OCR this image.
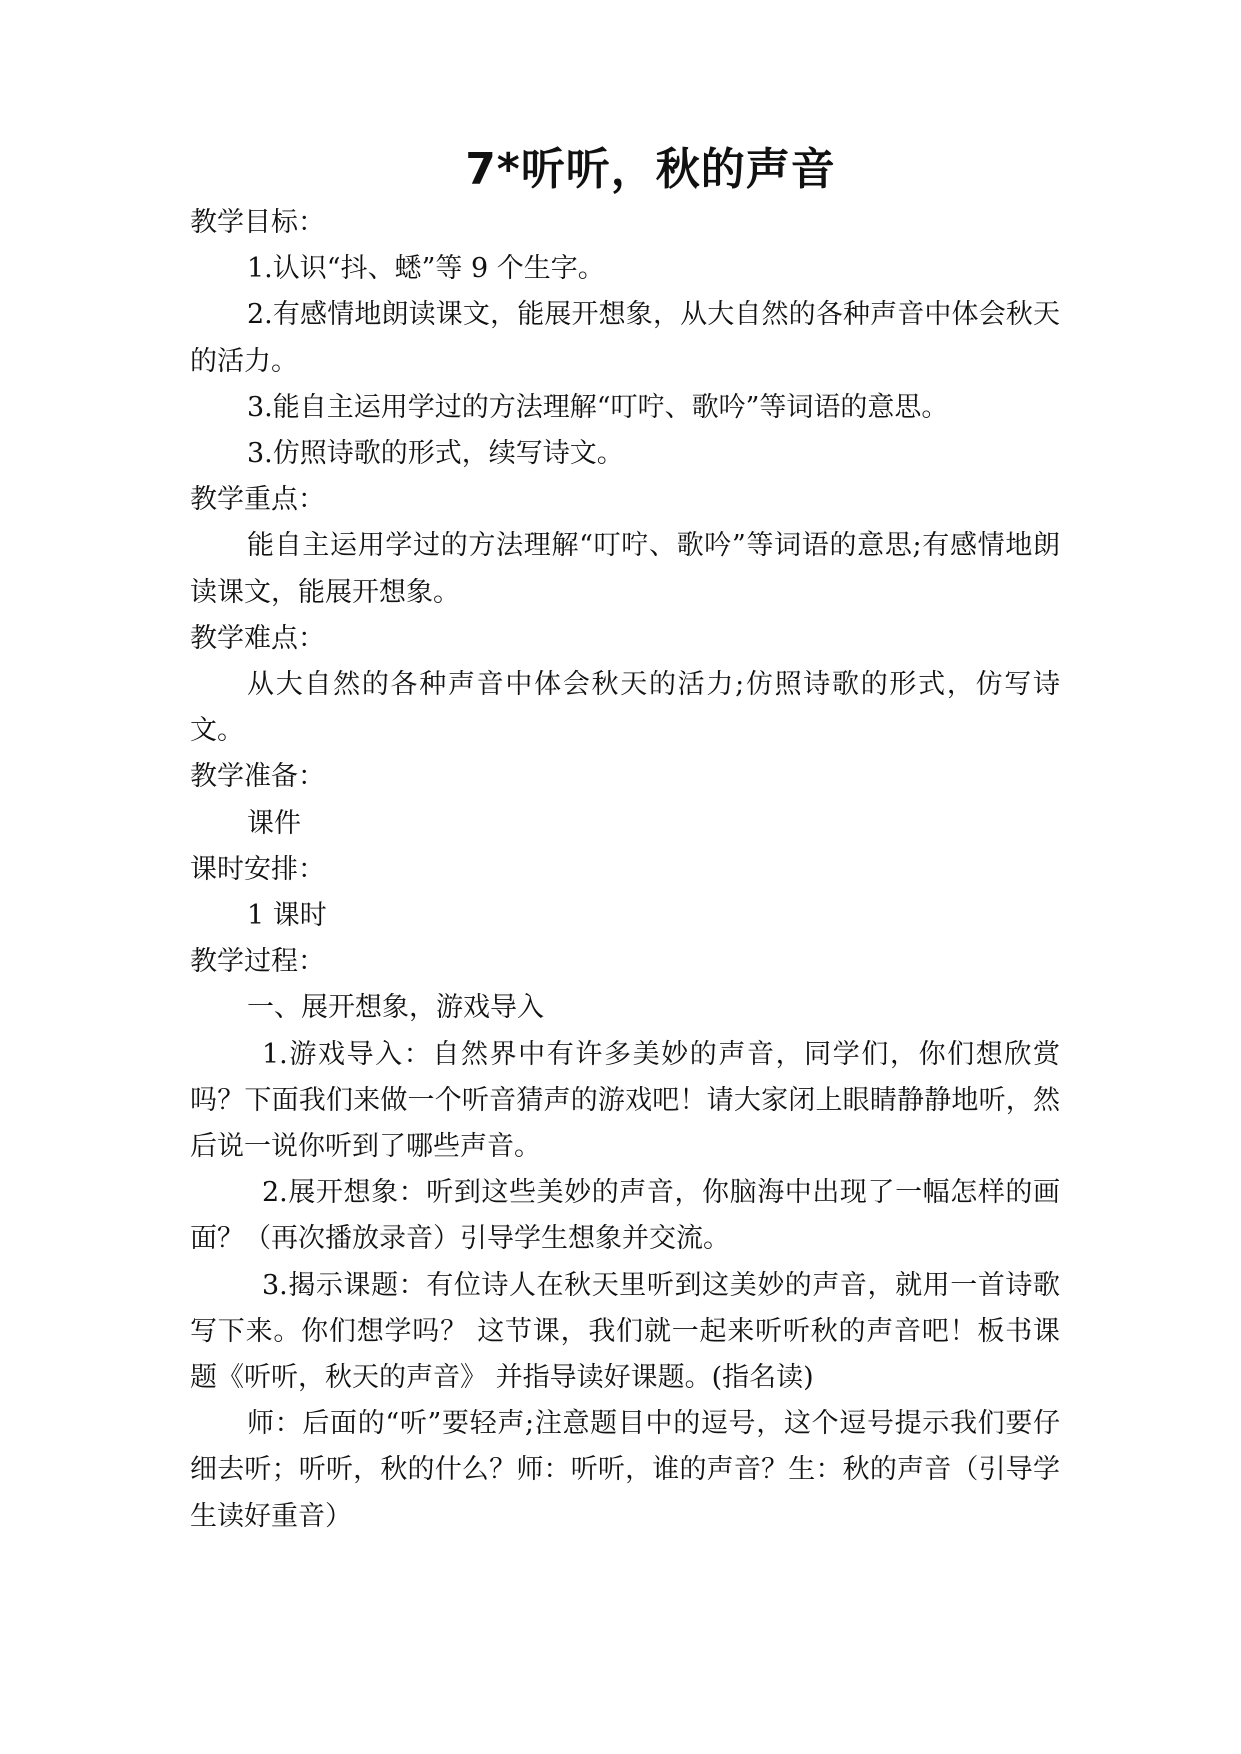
7*听听，秋的声音

教学目标：

1.认识“抖、蟋”等 9 个生字。

2.有感情地朗读课文，能展开想象，从大自然的各种声音中体会秋天的活力。

3.能自主运用学过的方法理解“叮咛、歌吟”等词语的意思。

3.仿照诗歌的形式，续写诗文。

教学重点：

能自主运用学过的方法理解“叮咛、歌吟”等词语的意思;有感情地朗读课文，能展开想象。

教学难点：

从大自然的各种声音中体会秋天的活力;仿照诗歌的形式，仿写诗文。

教学准备：

课件

课时安排：

1 课时

教学过程：

一、展开想象，游戏导入

1.游戏导入：自然界中有许多美妙的声音，同学们，你们想欣赏吗？下面我们来做一个听音猜声的游戏吧！请大家闭上眼睛静静地听，然后说一说你听到了哪些声音。

2.展开想象：听到这些美妙的声音，你脑海中出现了一幅怎样的画面？（再次播放录音）引导学生想象并交流。

3.揭示课题：有位诗人在秋天里听到这美妙的声音，就用一首诗歌写下来。你们想学吗？ 这节课，我们就一起来听听秋的声音吧！板书课题《听听，秋天的声音》 并指导读好课题。(指名读)

师：后面的“听”要轻声;注意题目中的逗号，这个逗号提示我们要仔细去听；听听，秋的什么？师：听听，谁的声音？生：秋的声音（引导学生读好重音）
